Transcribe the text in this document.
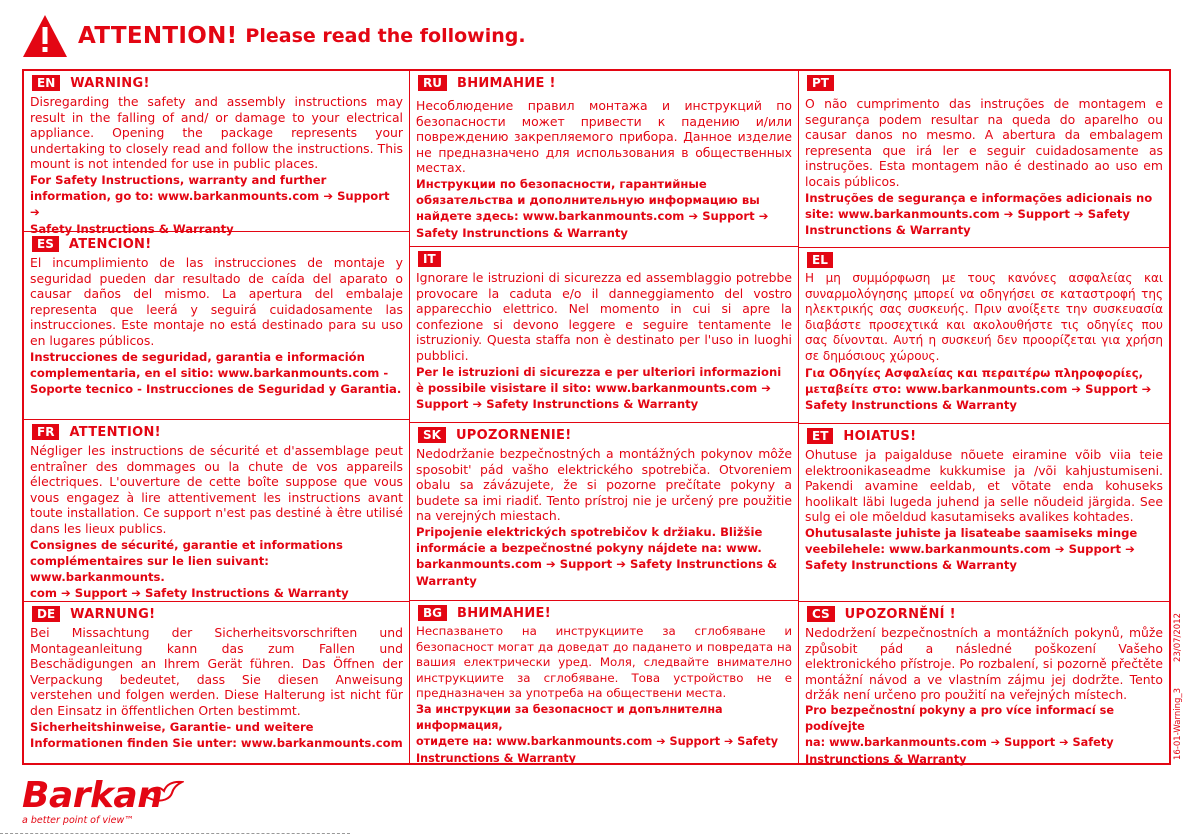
ATTENTION! Please read the following.
EN	WARNING!
Disregarding the safety and assembly instructions may result in the falling of and/ or damage to your electrical appliance. Opening the package represents your undertaking to closely read and follow the instructions. This mount is not intended for use in public places.
For Safety Instructions, warranty and further
information, go to: www.barkanmounts.com ➔ Support ➔
Safety Instructions & Warranty
ES	ATENCION!
El incumplimiento de las instrucciones de montaje y seguridad pueden dar resultado de caída del aparato o causar daños del mismo. La apertura del embalaje representa que leerá y seguirá cuidadosamente las instrucciones. Este montaje no está destinado para su uso en lugares públicos.
Instrucciones de seguridad, garantia e información
complementaria, en el sitio: www.barkanmounts.com -
Soporte tecnico - Instrucciones de Seguridad y Garantia.
FR	ATTENTION!
Négliger les instructions de sécurité et d'assemblage peut entraîner des dommages ou la chute de vos appareils électriques. L'ouverture de cette boîte suppose que vous vous engagez à lire attentivement les instructions avant toute installation. Ce support n'est pas destiné à être utilisé dans les lieux publics.
Consignes de sécurité, garantie et informations
complémentaires sur le lien suivant: www.barkanmounts.
com ➔ Support ➔ Safety Instructions & Warranty
DE	WARNUNG!
Bei Missachtung der Sicherheitsvorschriften und Montageanleitung kann das zum Fallen und Beschädigungen an Ihrem Gerät führen. Das Öffnen der Verpackung bedeutet, dass Sie diesen Anweisung verstehen und folgen werden. Diese Halterung ist nicht für den Einsatz in öffentlichen Orten bestimmt.
Sicherheitshinweise, Garantie- und weitere
Informationen finden Sie unter: www.barkanmounts.com
RU	ВНИМАНИЕ !
Несоблюдение правил монтажа и инструкций по безопасности может привести к падению и/или повреждению закрепляемого прибора. Данное изделие не предназначено для использования в общественных местах.
Инструкции по безопасности, гарантийные
обязательства и дополнительную информацию вы
найдете здесь: www.barkanmounts.com ➔ Support ➔
Safety Instrunctions & Warranty
IT
Ignorare le istruzioni di sicurezza ed assemblaggio potrebbe provocare la caduta e/o il danneggiamento del vostro apparecchio elettrico. Nel momento in cui si apre la confezione si devono leggere e seguire tentamente le istruzioniy. Questa staffa non è destinato per l'uso in luoghi pubblici.
Per le istruzioni di sicurezza e per ulteriori informazioni
è possibile visistare il sito: www.barkanmounts.com ➔
Support ➔ Safety Instrunctions & Warranty
SK	UPOZORNENIE!
Nedodržanie bezpečnostných a montážných pokynov môže sposobit' pád vašho elektrického spotrebiča. Otvoreniem obalu sa závázujete, že si pozorne prečítate pokyny a budete sa imi riadiť. Tento prístroj nie je určený pre použitie na verejných miestach.
Pripojenie elektrických spotrebičov k držiaku. Bližšie
informácie a bezpečnostné pokyny nájdete na: www.
barkanmounts.com ➔ Support ➔ Safety Instrunctions &
Warranty
BG	ВНИМАНИЕ!
Неспазването на инструкциите за сглобяване и безопасност могат да доведат до падането и повредата на вашия електрически уред. Моля, следвайте внимателно инструкциите за сглобяване. Това устройство не е предназначен за употреба на обществени места.
За инструкции за безопасност и допълнителна информация,
отидете на: www.barkanmounts.com ➔ Support ➔ Safety
Instrunctions & Warranty
PT
O não cumprimento das instruções de montagem e segurança podem resultar na queda do aparelho ou causar danos no mesmo. A abertura da embalagem representa que irá ler e seguir cuidadosamente as instruções. Esta montagem não é destinado ao uso em locais públicos.
Instruções de segurança e informações adicionais no
site: www.barkanmounts.com ➔ Support ➔ Safety
Instrunctions & Warranty
EL
Η μη συμμόρφωση με τους κανόνες ασφαλείας και συναρμολόγησης μπορεί να οδηγήσει σε καταστροφή της ηλεκτρικής σας συσκευής. Πριν ανοίξετε την συσκευασία διαβάστε προσεχτικά και ακολουθήστε τις οδηγίες που σας δίνονται. Αυτή η συσκευή δεν προορίζεται για χρήση σε δημόσιους χώρους.
Για Οδηγίες Ασφαλείας και περαιτέρω πληροφορίες,
μεταβείτε στο: www.barkanmounts.com ➔ Support ➔
Safety Instrunctions & Warranty
ET	HOIATUS!
Ohutuse ja paigalduse nõuete eiramine võib viia teie elektroonikaseadme kukkumise ja /või kahjustumiseni. Pakendi avamine eeldab, et võtate enda kohuseks hoolikalt läbi lugeda juhend ja selle nõudeid järgida. See sulg ei ole mõeldud kasutamiseks avalikes kohtades.
Ohutusalaste juhiste ja lisateabe saamiseks minge
veebilehele: www.barkanmounts.com ➔ Support ➔
Safety Instrunctions & Warranty
CS	UPOZORNĚNÍ !
Nedodržení bezpečnostních a montážních pokynů, může způsobit pád a následné poškození Vašeho elektronického přístroje. Po rozbalení, si pozorně přečtěte montážní návod a ve vlastním zájmu jej dodržte. Tento držák není určeno pro použití na veřejných místech.
Pro bezpečnostní pokyny a pro více informací se podívejte
na: www.barkanmounts.com ➔ Support ➔ Safety
Instrunctions & Warranty
Barkan
a better point of view™
16-01-Warning_323/07/2012
